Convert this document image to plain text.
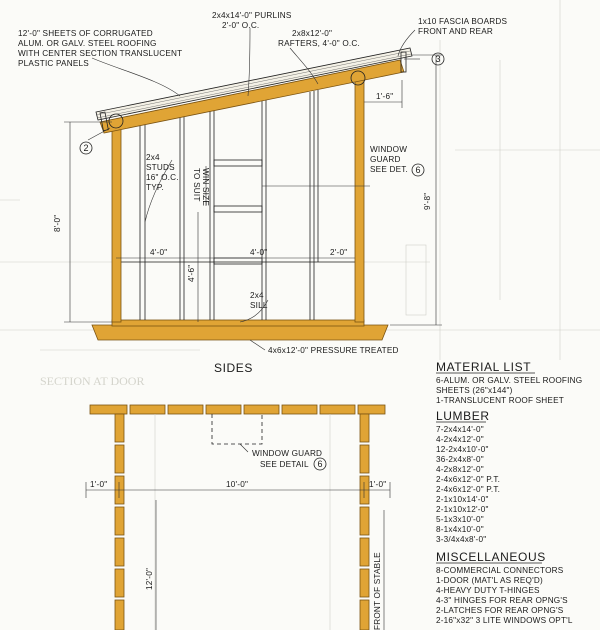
SECTION AT DOOR
2
3
6
12'-0" SHEETS OF CORRUGATED
ALUM. OR GALV. STEEL ROOFING
WITH CENTER SECTION TRANSLUCENT
PLASTIC PANELS
2x4x14'-0" PURLINS
2'-0" O.C.
2x8x12'-0"
RAFTERS, 4'-0" O.C.
1x10 FASCIA BOARDS
FRONT AND REAR
2x4
STUDS
16" O.C.
TYP.	TO SUIT WIN SIZE
WINDOW
GUARD
SEE DET.
2x4
SILL
4x6x12'-0" PRESSURE TREATED
1'-6"
8'-0"
9'-8"
4'-0"	4'-0"	2'-0"
4'-6"
SIDES
WINDOW GUARD
SEE DETAIL 6
1'-0"	10'-0"	1'-0"
12'-0"	FRONT OF STABLE
MATERIAL LIST
6-ALUM. OR GALV. STEEL ROOFING
SHEETS (26"x144")
1-TRANSLUCENT ROOF SHEET
LUMBER
7-2x4x14'-0"
4-2x4x12'-0"
12-2x4x10'-0"
36-2x4x8'-0"
4-2x8x12'-0"
2-4x6x12'-0" P.T.
2-4x6x12'-0" P.T.
2-1x10x14'-0"
2-1x10x12'-0"
5-1x3x10'-0"
8-1x4x10'-0"
3-3/4x4x8'-0"
MISCELLANEOUS
8-COMMERCIAL CONNECTORS
1-DOOR (MAT'L AS REQ'D)
4-HEAVY DUTY T-HINGES
4-3" HINGES FOR REAR OPNG'S
2-LATCHES FOR REAR OPNG'S
2-16"x32" 3 LITE WINDOWS OPT'L
